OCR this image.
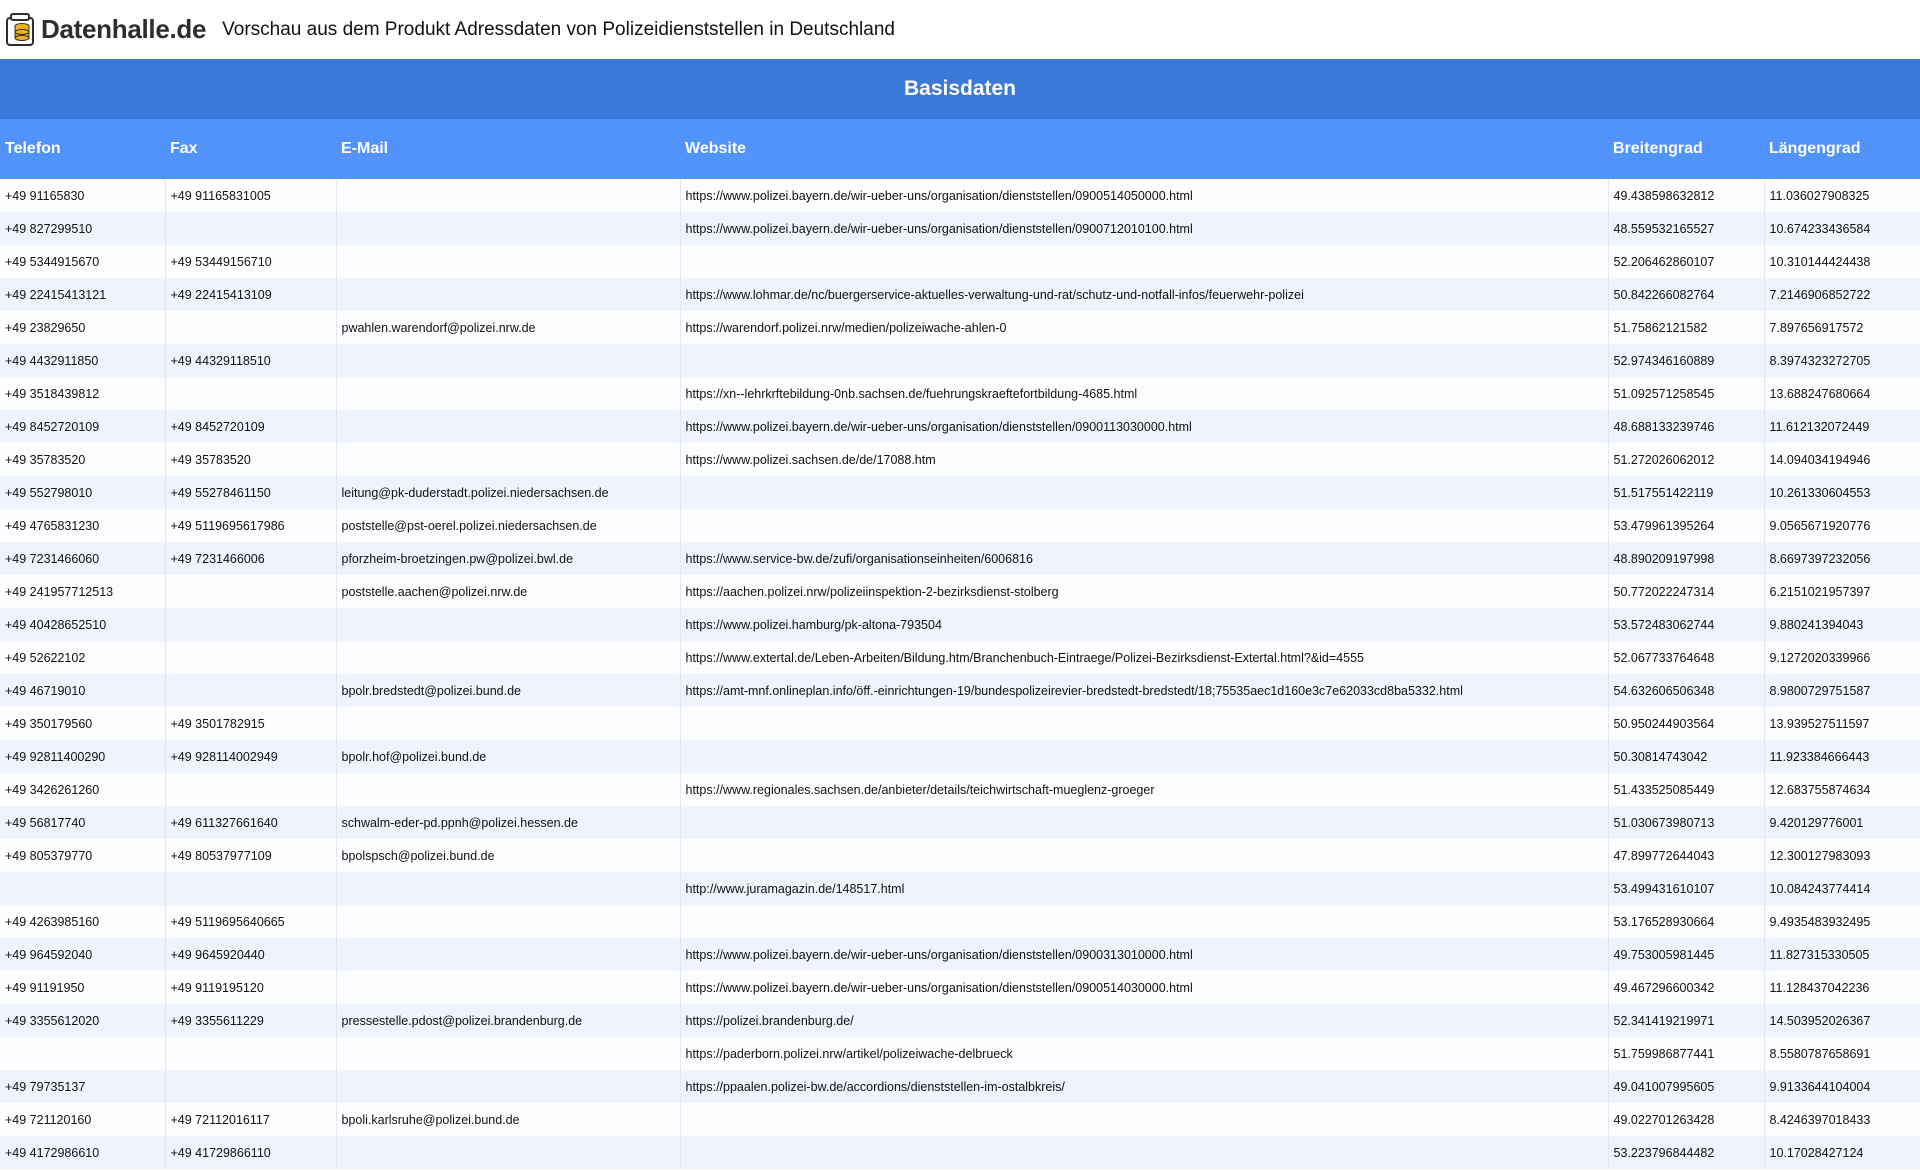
Datenhalle.de Vorschau aus dem Produkt Adressdaten von Polizeidienststellen in Deutschland
Basisdaten
Telefon	Fax	E-Mail	Website	Breitengrad	Längengrad
+49 91165830	+49 91165831005		https://www.polizei.bayern.de/wir-ueber-uns/organisation/dienststellen/0900514050000.html	49.438598632812	11.036027908325
+49 827299510			https://www.polizei.bayern.de/wir-ueber-uns/organisation/dienststellen/0900712010100.html	48.559532165527	10.674233436584
+49 5344915670	+49 53449156710			52.206462860107	10.310144424438
+49 22415413121	+49 22415413109		https://www.lohmar.de/nc/buergerservice-aktuelles-verwaltung-und-rat/schutz-und-notfall-infos/feuerwehr-polizei	50.842266082764	7.2146906852722
+49 23829650		pwahlen.warendorf@polizei.nrw.de	https://warendorf.polizei.nrw/medien/polizeiwache-ahlen-0	51.75862121582	7.897656917572
+49 4432911850	+49 44329118510			52.974346160889	8.3974323272705
+49 3518439812			https://xn--lehrkrftebildung-0nb.sachsen.de/fuehrungskraeftefortbildung-4685.html	51.092571258545	13.688247680664
+49 8452720109	+49 8452720109		https://www.polizei.bayern.de/wir-ueber-uns/organisation/dienststellen/0900113030000.html	48.688133239746	11.612132072449
+49 35783520	+49 35783520		https://www.polizei.sachsen.de/de/17088.htm	51.272026062012	14.094034194946
+49 552798010	+49 55278461150	leitung@pk-duderstadt.polizei.niedersachsen.de		51.517551422119	10.261330604553
+49 4765831230	+49 5119695617986	poststelle@pst-oerel.polizei.niedersachsen.de		53.479961395264	9.0565671920776
+49 7231466060	+49 7231466006	pforzheim-broetzingen.pw@polizei.bwl.de	https://www.service-bw.de/zufi/organisationseinheiten/6006816	48.890209197998	8.6697397232056
+49 241957712513		poststelle.aachen@polizei.nrw.de	https://aachen.polizei.nrw/polizeiinspektion-2-bezirksdienst-stolberg	50.772022247314	6.2151021957397
+49 40428652510			https://www.polizei.hamburg/pk-altona-793504	53.572483062744	9.880241394043
+49 52622102			https://www.extertal.de/Leben-Arbeiten/Bildung.htm/Branchenbuch-Eintraege/Polizei-Bezirksdienst-Extertal.html?&id=4555	52.067733764648	9.1272020339966
+49 46719010		bpolr.bredstedt@polizei.bund.de	https://amt-mnf.onlineplan.info/öff.-einrichtungen-19/bundespolizeirevier-bredstedt-bredstedt/18;75535aec1d160e3c7e62033cd8ba5332.html	54.632606506348	8.9800729751587
+49 350179560	+49 3501782915			50.950244903564	13.939527511597
+49 92811400290	+49 928114002949	bpolr.hof@polizei.bund.de		50.30814743042	11.923384666443
+49 3426261260			https://www.regionales.sachsen.de/anbieter/details/teichwirtschaft-mueglenz-groeger	51.433525085449	12.683755874634
+49 56817740	+49 611327661640	schwalm-eder-pd.ppnh@polizei.hessen.de		51.030673980713	9.420129776001
+49 805379770	+49 80537977109	bpolspsch@polizei.bund.de		47.899772644043	12.300127983093
			http://www.juramagazin.de/148517.html	53.499431610107	10.084243774414
+49 4263985160	+49 5119695640665			53.176528930664	9.4935483932495
+49 964592040	+49 9645920440		https://www.polizei.bayern.de/wir-ueber-uns/organisation/dienststellen/0900313010000.html	49.753005981445	11.827315330505
+49 91191950	+49 9119195120		https://www.polizei.bayern.de/wir-ueber-uns/organisation/dienststellen/0900514030000.html	49.467296600342	11.128437042236
+49 3355612020	+49 3355611229	pressestelle.pdost@polizei.brandenburg.de	https://polizei.brandenburg.de/	52.341419219971	14.503952026367
			https://paderborn.polizei.nrw/artikel/polizeiwache-delbrueck	51.759986877441	8.5580787658691
+49 79735137			https://ppaalen.polizei-bw.de/accordions/dienststellen-im-ostalbkreis/	49.041007995605	9.9133644104004
+49 721120160	+49 72112016117	bpoli.karlsruhe@polizei.bund.de		49.022701263428	8.4246397018433
+49 4172986610	+49 41729866110			53.223796844482	10.17028427124
